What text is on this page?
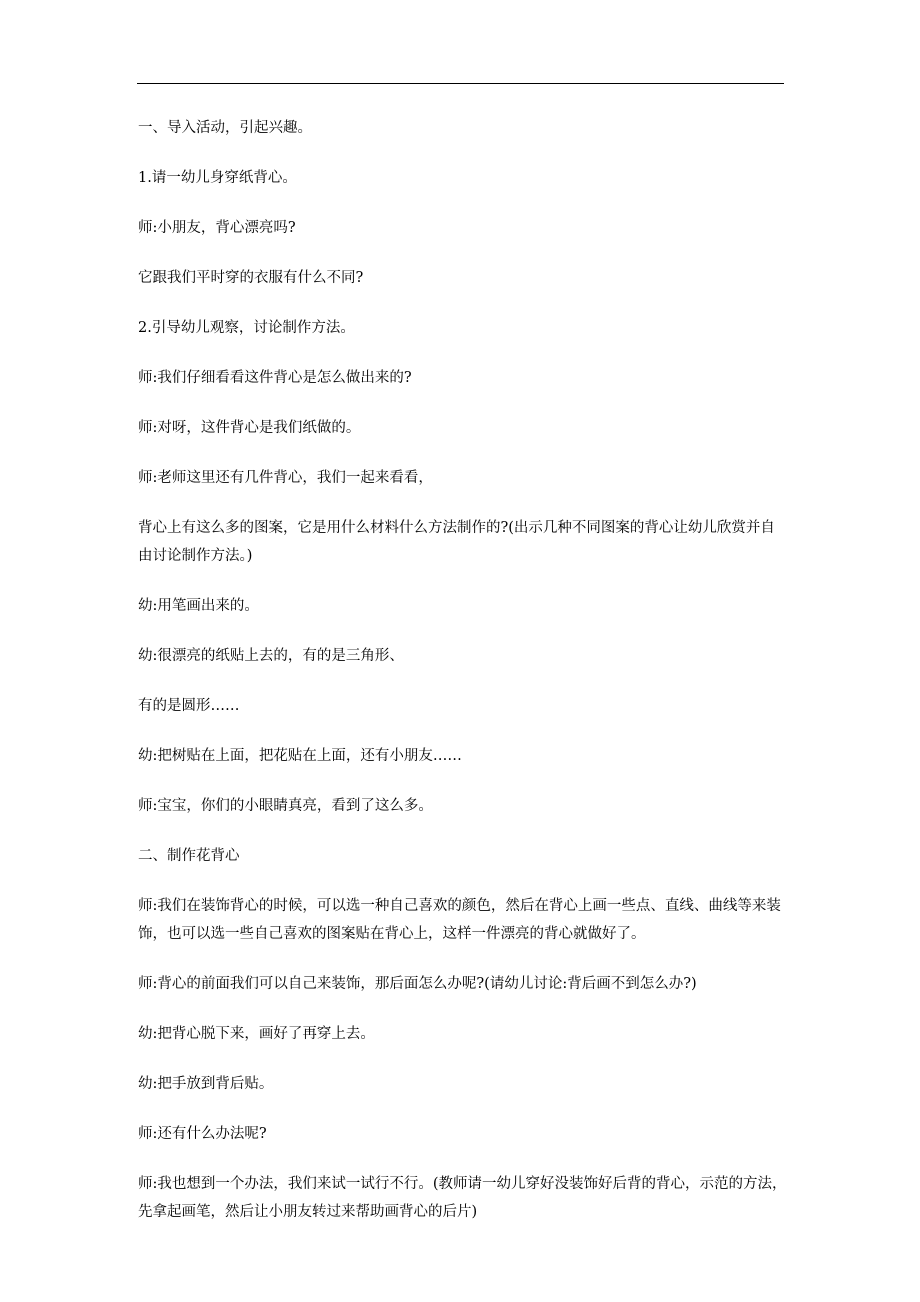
一、导入活动，引起兴趣。

1.请一幼儿身穿纸背心。

师:小朋友，背心漂亮吗?

它跟我们平时穿的衣服有什么不同?

2.引导幼儿观察，讨论制作方法。

师:我们仔细看看这件背心是怎么做出来的?

师:对呀，这件背心是我们纸做的。

师:老师这里还有几件背心，我们一起来看看，

背心上有这么多的图案，它是用什么材料什么方法制作的?(出示几种不同图案的背心让幼儿欣赏并自由讨论制作方法。)

幼:用笔画出来的。

幼:很漂亮的纸贴上去的，有的是三角形、

有的是圆形……

幼:把树贴在上面，把花贴在上面，还有小朋友……

师:宝宝，你们的小眼睛真亮，看到了这么多。

二、制作花背心

师:我们在装饰背心的时候，可以选一种自己喜欢的颜色，然后在背心上画一些点、直线、曲线等来装饰，也可以选一些自己喜欢的图案贴在背心上，这样一件漂亮的背心就做好了。

师:背心的前面我们可以自己来装饰，那后面怎么办呢?(请幼儿讨论:背后画不到怎么办?)

幼:把背心脱下来，画好了再穿上去。

幼:把手放到背后贴。

师:还有什么办法呢?

师:我也想到一个办法，我们来试一试行不行。(教师请一幼儿穿好没装饰好后背的背心，示范的方法，先拿起画笔，然后让小朋友转过来帮助画背心的后片)
